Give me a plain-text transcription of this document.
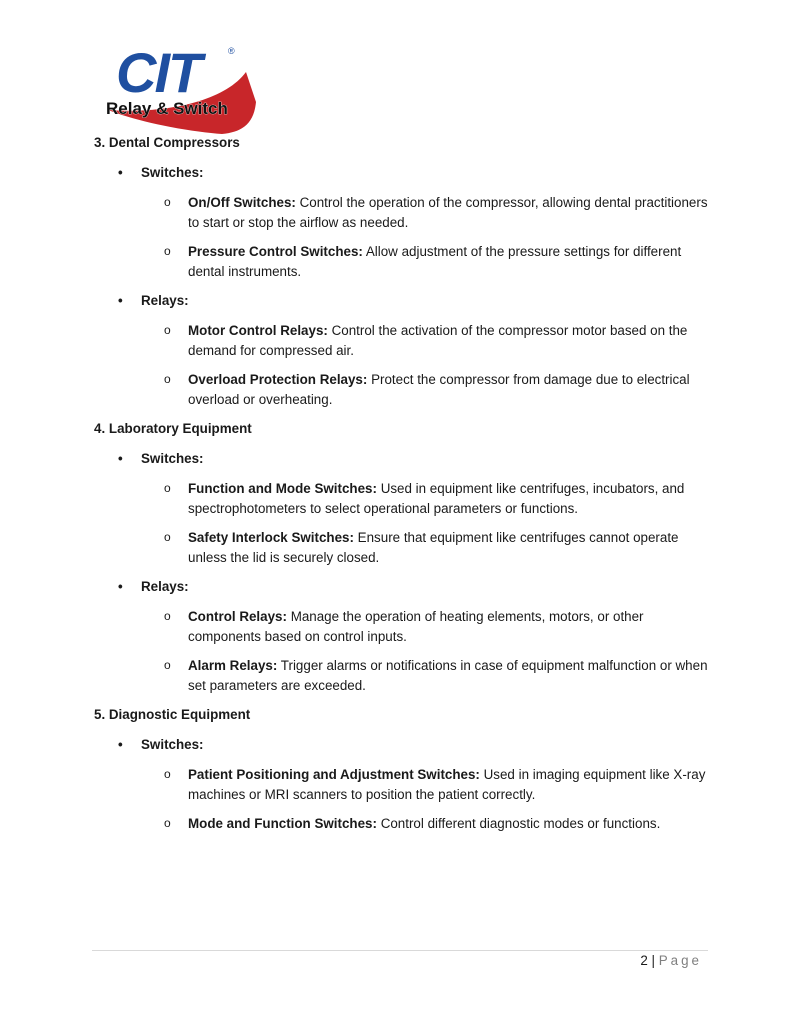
CIT	®
Relay & Switch
3. Dental Compressors
• Switches:
o On/Off Switches: Control the operation of the compressor, allowing dental practitioners to start or stop the airflow as needed.
o Pressure Control Switches: Allow adjustment of the pressure settings for different dental instruments.
• Relays:
o Motor Control Relays: Control the activation of the compressor motor based on the demand for compressed air.
o Overload Protection Relays: Protect the compressor from damage due to electrical overload or overheating.
4. Laboratory Equipment
• Switches:
o Function and Mode Switches: Used in equipment like centrifuges, incubators, and spectrophotometers to select operational parameters or functions.
o Safety Interlock Switches: Ensure that equipment like centrifuges cannot operate unless the lid is securely closed.
• Relays:
o Control Relays: Manage the operation of heating elements, motors, or other components based on control inputs.
o Alarm Relays: Trigger alarms or notifications in case of equipment malfunction or when set parameters are exceeded.
5. Diagnostic Equipment
• Switches:
o Patient Positioning and Adjustment Switches: Used in imaging equipment like X-ray machines or MRI scanners to position the patient correctly.
o Mode and Function Switches: Control different diagnostic modes or functions.
2 | Page
